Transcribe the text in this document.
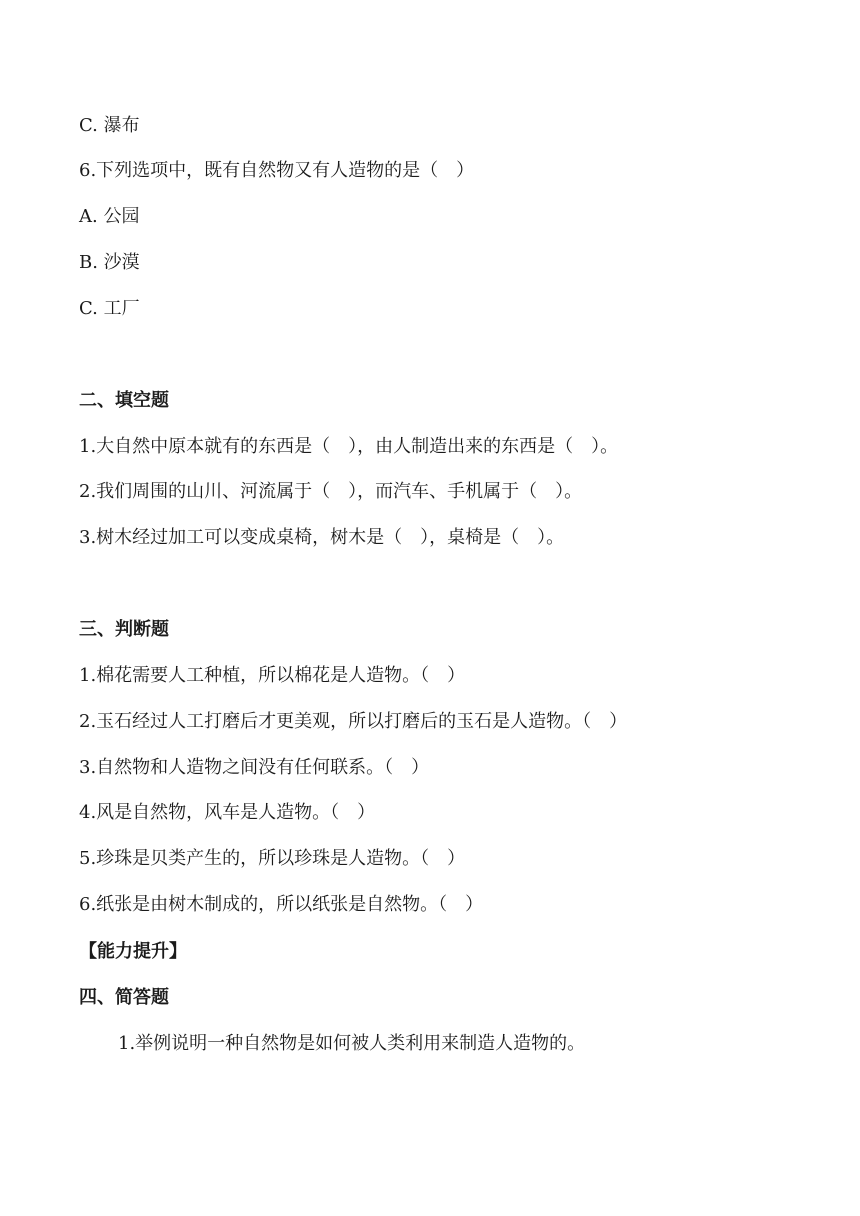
C. 瀑布
6.下列选项中，既有自然物又有人造物的是（　）
A. 公园
B. 沙漠
C. 工厂
二、填空题
1.大自然中原本就有的东西是（　），由人制造出来的东西是（　）。
2.我们周围的山川、河流属于（　），而汽车、手机属于（　）。
3.树木经过加工可以变成桌椅，树木是（　），桌椅是（　）。
三、判断题
1.棉花需要人工种植，所以棉花是人造物。（　）
2.玉石经过人工打磨后才更美观，所以打磨后的玉石是人造物。（　）
3.自然物和人造物之间没有任何联系。（　）
4.风是自然物，风车是人造物。（　）
5.珍珠是贝类产生的，所以珍珠是人造物。（　）
6.纸张是由树木制成的，所以纸张是自然物。（　）
【能力提升】
四、简答题
1.举例说明一种自然物是如何被人类利用来制造人造物的。
